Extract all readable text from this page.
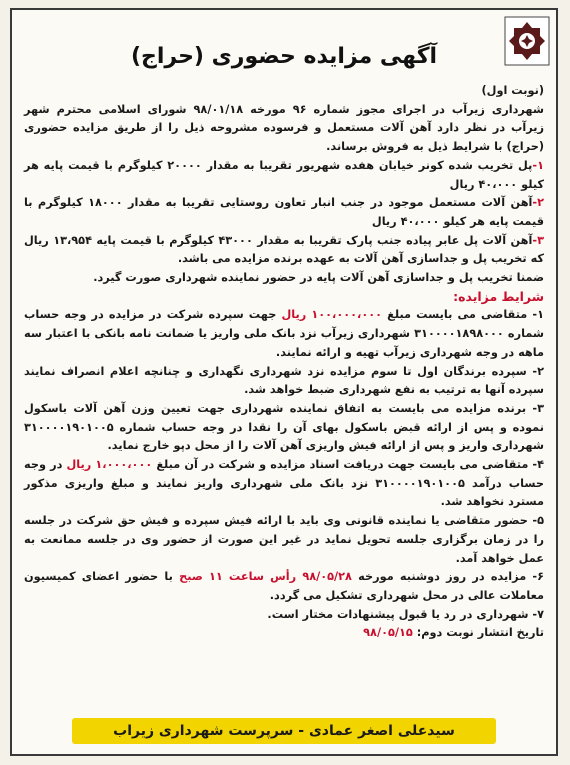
آگهی مزایده حضوری (حراج)

(نوبت اول)

شهرداری زیرآب در اجرای مجوز شماره ۹۶ مورخه ۹۸/۰۱/۱۸ شورای اسلامی محترم شهر زیرآب در نظر دارد آهن آلات مستعمل و فرسوده مشروحه ذیل را از طریق مزایده حضوری (حراج) با شرایط ذیل به فروش برساند.

۱-پل تخریب شده کونر خیابان هفده شهریور تقریبا به مقدار ۲۰۰۰۰ کیلوگرم با قیمت پایه هر کیلو ۴۰،۰۰۰ ریال

۲-آهن آلات مستعمل موجود در جنب انبار تعاون روستایی تقریبا به مقدار ۱۸۰۰۰ کیلوگرم با قیمت پایه هر کیلو ۴۰،۰۰۰ ریال

۳-آهن آلات پل عابر پیاده جنب پارک تقریبا به مقدار ۴۳۰۰۰ کیلوگرم با قیمت پایه ۱۳،۹۵۴ ریال که تخریب پل و جداسازی آهن آلات به عهده برنده مزایده می باشد.

ضمنا تخریب پل و جداسازی آهن آلات پایه در حضور نماینده شهرداری صورت گیرد.

شرایط مزایده:

۱- متقاضی می بایست مبلغ ۱۰۰،۰۰۰،۰۰۰ ریال جهت سپرده شرکت در مزایده در وجه حساب شماره ۳۱۰۰۰۰۱۸۹۸۰۰۰ شهرداری زیرآب نزد بانک ملی واریز یا ضمانت نامه بانکی با اعتبار سه ماهه در وجه شهرداری زیرآب تهیه و ارائه نمایند.

۲- سپرده برندگان اول تا سوم مزایده نزد شهرداری نگهداری و چنانچه اعلام انصراف نمایند سپرده آنها به ترتیب به نفع شهرداری ضبط خواهد شد.

۳- برنده مزایده می بایست به اتفاق نماینده شهرداری جهت تعیین وزن آهن آلات باسکول نموده و پس از ارائه قبض باسکول بهای آن را نقدا در وجه حساب شماره ۳۱۰۰۰۰۱۹۰۱۰۰۵ شهرداری واریز و پس از ارائه فیش واریزی آهن آلات را از محل دپو خارج نماید.

۴- متقاضی می بایست جهت دریافت اسناد مزایده و شرکت در آن مبلغ ۱،۰۰۰،۰۰۰ ریال در وجه حساب درآمد ۳۱۰۰۰۰۱۹۰۱۰۰۵ نزد بانک ملی شهرداری واریز نمایند و مبلغ واریزی مذکور مسترد نخواهد شد.

۵- حضور متقاضی یا نماینده قانونی وی باید با ارائه فیش سپرده و فیش حق شرکت در جلسه را در زمان برگزاری جلسه تحویل نماید در غیر این صورت از حضور وی در جلسه ممانعت به عمل خواهد آمد.

۶- مزایده در روز دوشنبه مورخه ۹۸/۰۵/۲۸ رأس ساعت ۱۱ صبح با حضور اعضای کمیسیون معاملات عالی در محل شهرداری تشکیل می گردد.

۷- شهرداری در رد یا قبول پیشنهادات مختار است.

تاریخ انتشار نوبت دوم: ۹۸/۰۵/۱۵

سیدعلی اصغر عمادی - سرپرست شهرداری زیراب
